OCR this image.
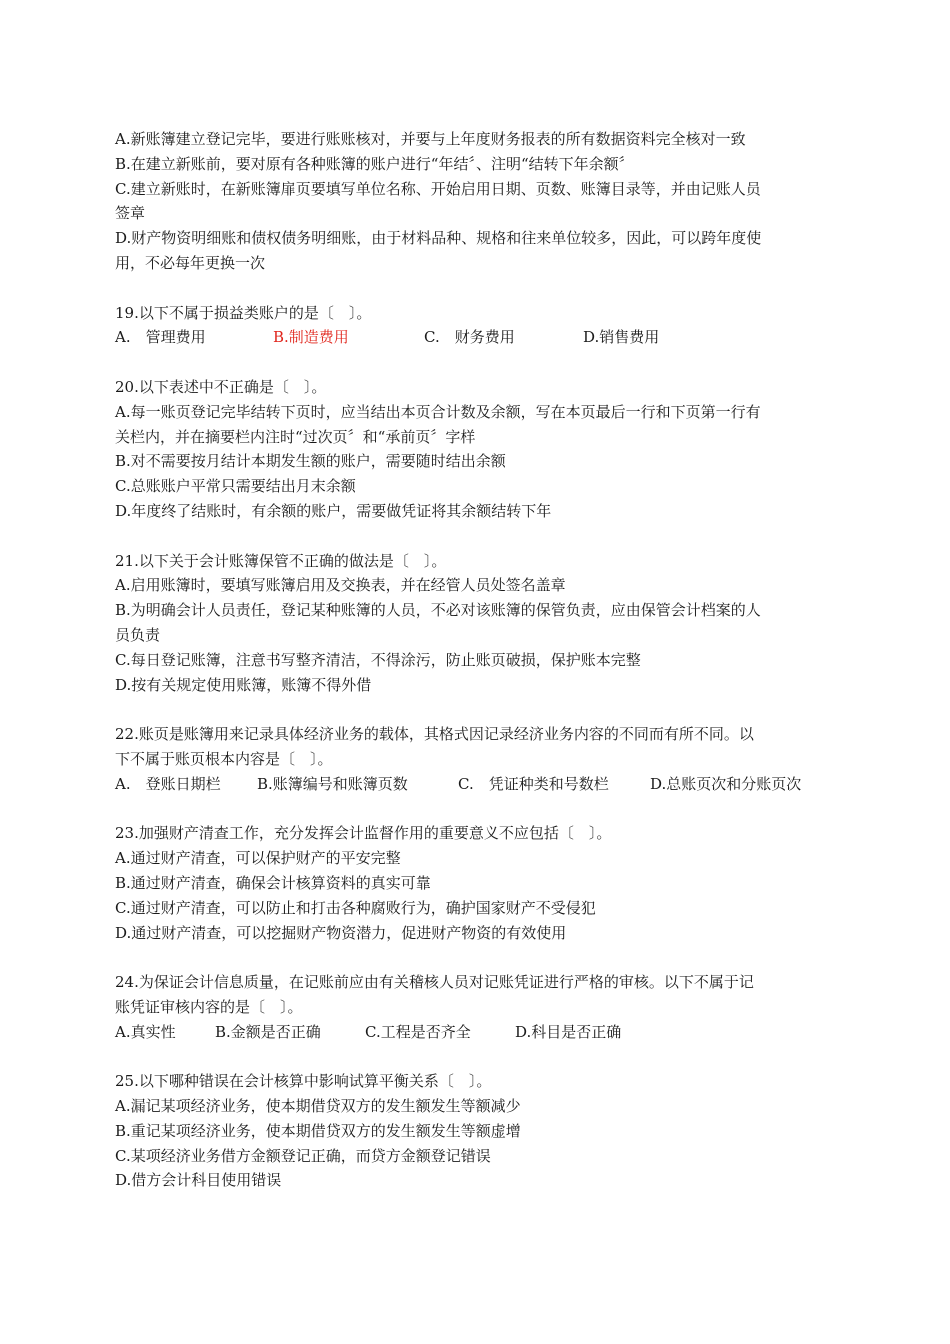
A.新账簿建立登记完毕，要进行账账核对，并要与上年度财务报表的所有数据资料完全核对一致
B.在建立新账前，要对原有各种账簿的账户进行“年结〞、注明“结转下年余额〞
C.建立新账时，在新账簿扉页要填写单位名称、开始启用日期、页数、账簿目录等，并由记账人员
签章
D.财产物资明细账和债权债务明细账，由于材料品种、规格和往来单位较多，因此，可以跨年度使
用，不必每年更换一次
19.以下不属于损益类账户的是〔　〕。
A.　管理费用	B.制造费用	C.　财务费用	D.销售费用
20.以下表述中不正确是〔　〕。
A.每一账页登记完毕结转下页时，应当结出本页合计数及余额，写在本页最后一行和下页第一行有
关栏内，并在摘要栏内注时“过次页〞和“承前页〞字样
B.对不需要按月结计本期发生额的账户，需要随时结出余额
C.总账账户平常只需要结出月末余额
D.年度终了结账时，有余额的账户，需要做凭证将其余额结转下年
21.以下关于会计账簿保管不正确的做法是〔　〕。
A.启用账簿时，要填写账簿启用及交换表，并在经管人员处签名盖章
B.为明确会计人员责任，登记某种账簿的人员，不必对该账簿的保管负责，应由保管会计档案的人
员负责
C.每日登记账簿，注意书写整齐清洁，不得涂污，防止账页破损，保护账本完整
D.按有关规定使用账簿，账簿不得外借
22.账页是账簿用来记录具体经济业务的载体，其格式因记录经济业务内容的不同而有所不同。以
下不属于账页根本内容是〔　〕。
A.　登账日期栏	B.账簿编号和账簿页数	C.　凭证种类和号数栏	D.总账页次和分账页次
23.加强财产清查工作，充分发挥会计监督作用的重要意义不应包括〔　〕。
A.通过财产清查，可以保护财产的平安完整
B.通过财产清查，确保会计核算资料的真实可靠
C.通过财产清查，可以防止和打击各种腐败行为，确护国家财产不受侵犯
D.通过财产清查，可以挖掘财产物资潜力，促进财产物资的有效使用
24.为保证会计信息质量，在记账前应由有关稽核人员对记账凭证进行严格的审核。以下不属于记
账凭证审核内容的是〔　〕。
A.真实性	B.金额是否正确	C.工程是否齐全	D.科目是否正确
25.以下哪种错误在会计核算中影响试算平衡关系〔　〕。
A.漏记某项经济业务，使本期借贷双方的发生额发生等额减少
B.重记某项经济业务，使本期借贷双方的发生额发生等额虚增
C.某项经济业务借方金额登记正确，而贷方金额登记错误
D.借方会计科目使用错误
